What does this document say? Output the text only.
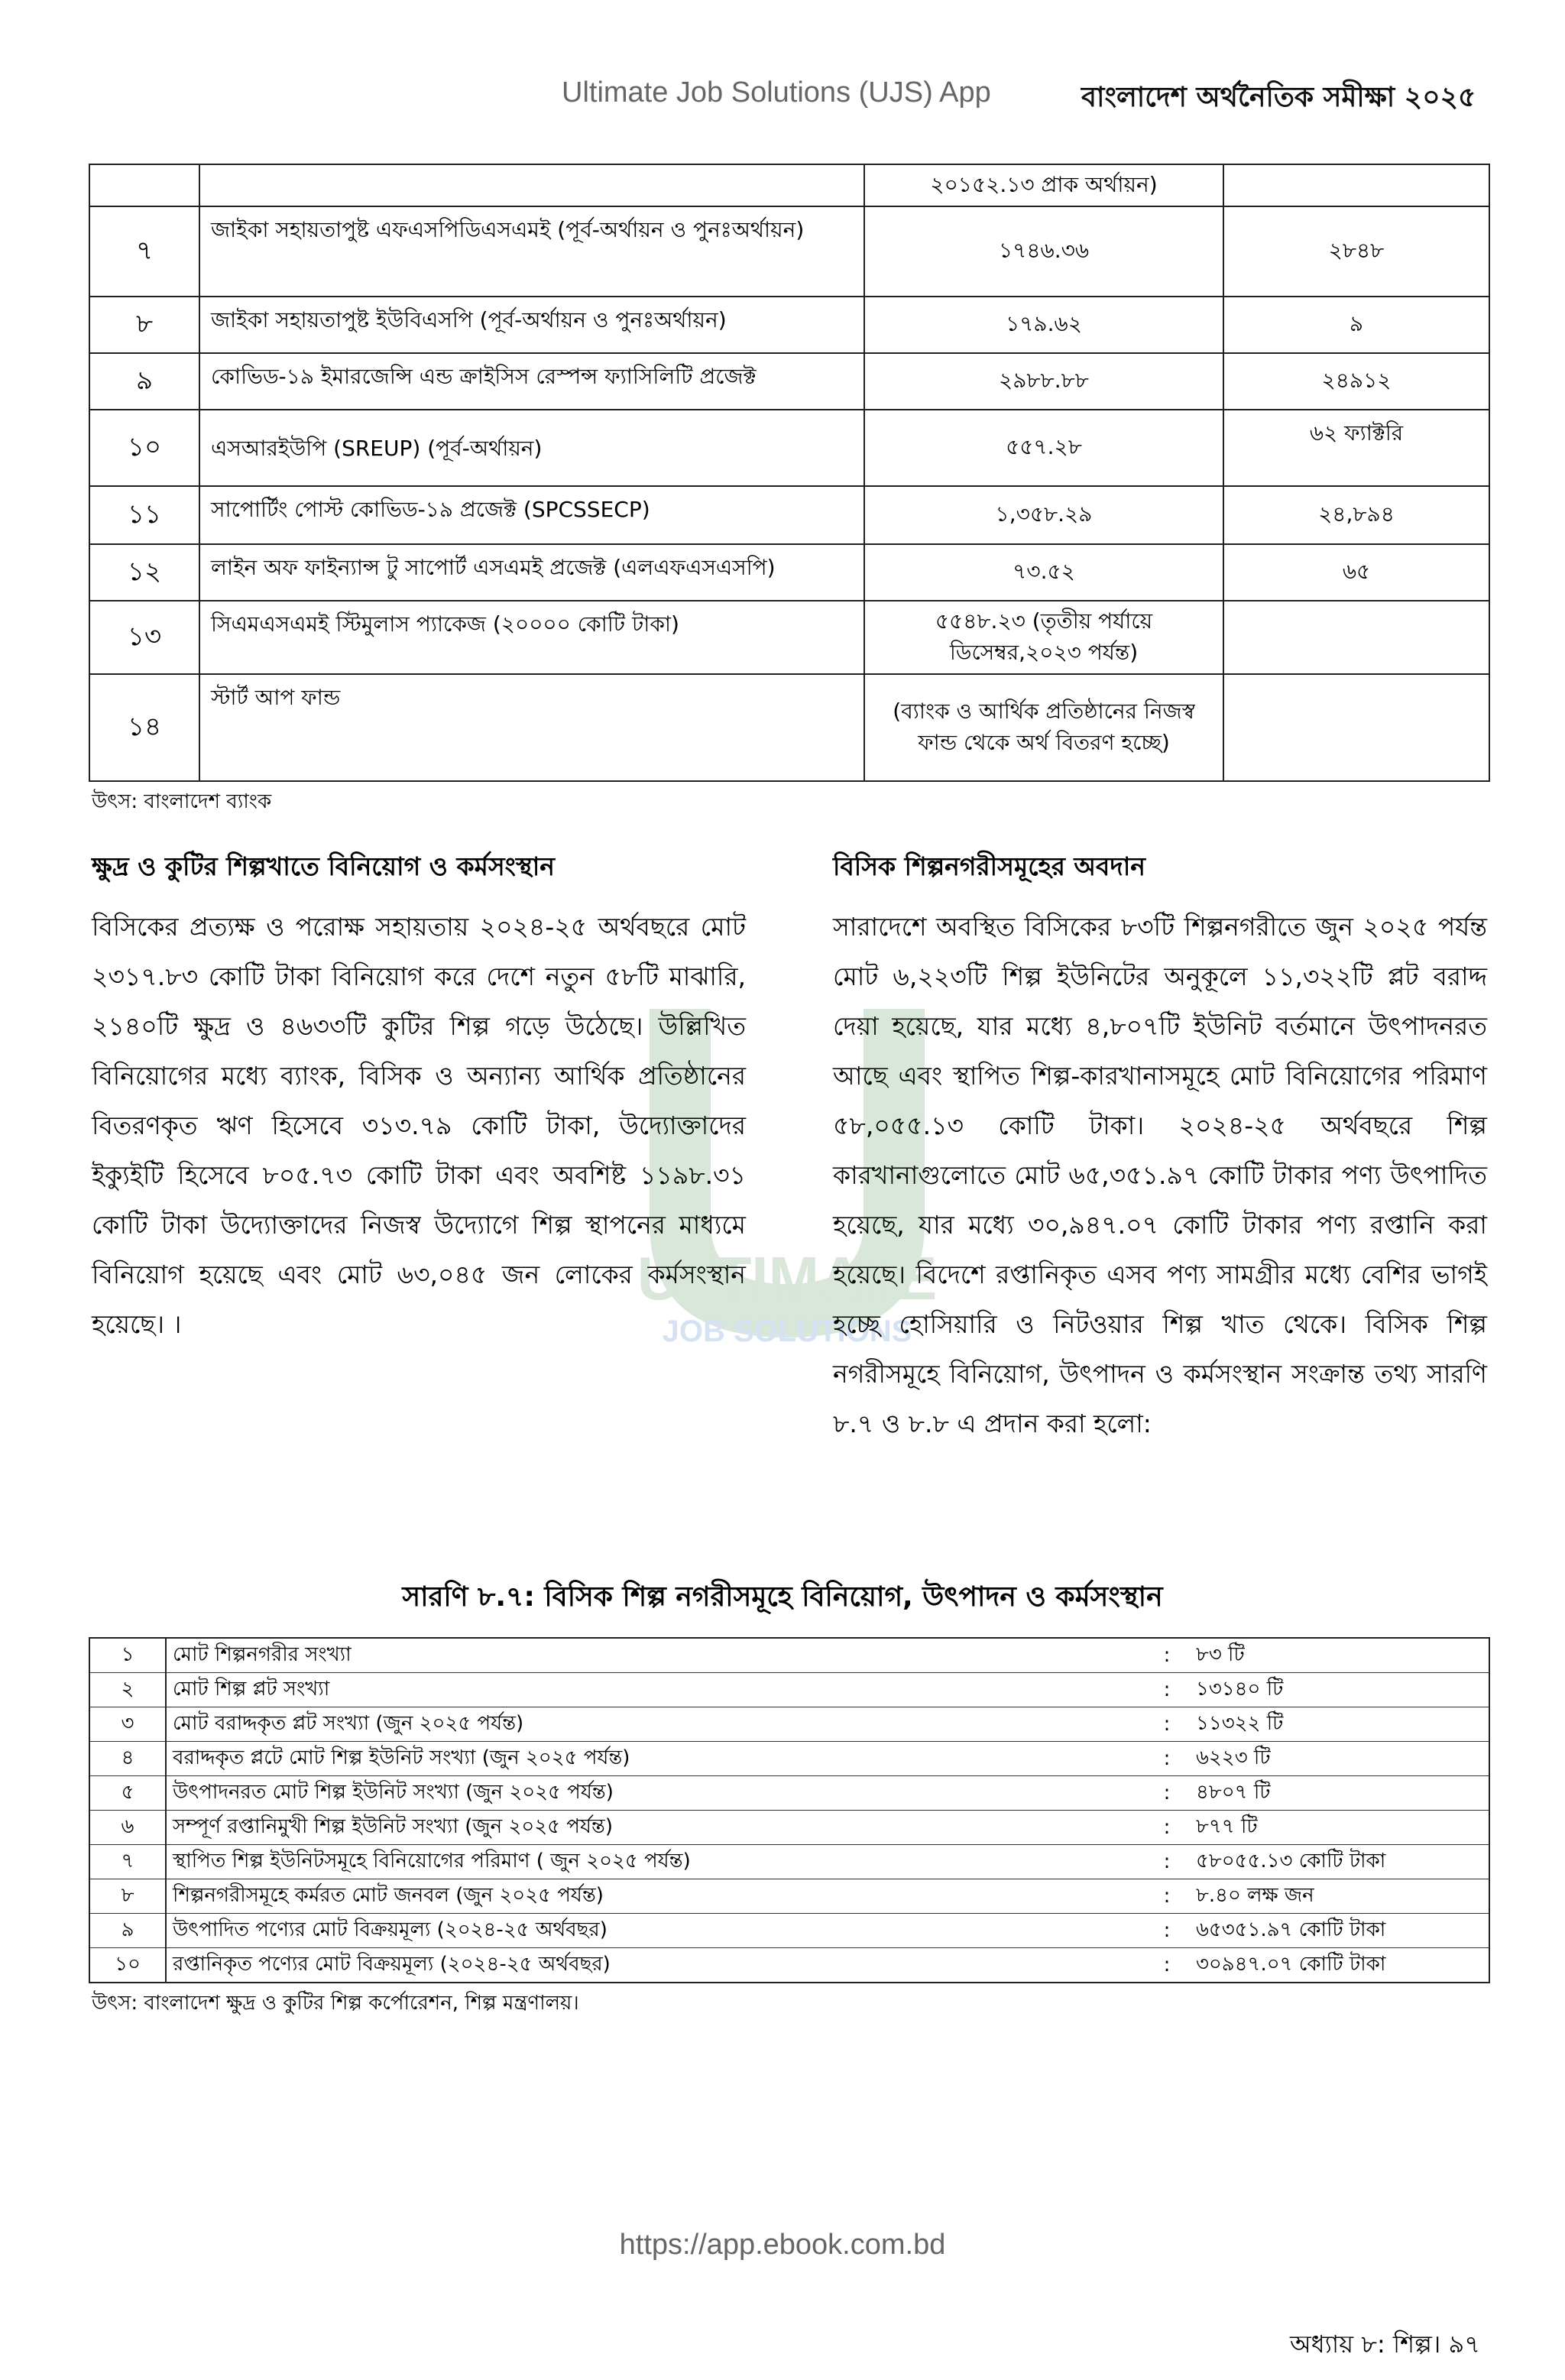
Ultimate Job Solutions (UJS) App	বাংলাদেশ অর্থনৈতিক সমীক্ষা ২০২৫
ULTIMATE
JOB SOLUTIONS
		২০১৫২.১৩ প্রাক অর্থায়ন)	
৭	জাইকা সহায়তাপুষ্ট এফএসপিডিএসএমই (পূর্ব-অর্থায়ন ও পুনঃঅর্থায়ন)	১৭৪৬.৩৬	২৮৪৮
৮	জাইকা সহায়তাপুষ্ট ইউবিএসপি (পূর্ব-অর্থায়ন ও পুনঃঅর্থায়ন)	১৭৯.৬২	৯
৯	কোভিড-১৯ ইমারজেন্সি এন্ড ক্রাইসিস রেস্পন্স ফ্যাসিলিটি প্রজেক্ট	২৯৮৮.৮৮	২৪৯১২
১০	এসআরইউপি (SREUP) (পূর্ব-অর্থায়ন)	৫৫৭.২৮	৬২ ফ্যাক্টরি
১১	সাপোর্টিং পোস্ট কোভিড-১৯ প্রজেক্ট (SPCSSECP)	১,৩৫৮.২৯	২৪,৮৯৪
১২	লাইন অফ ফাইন্যান্স টু সাপোর্ট এসএমই প্রজেক্ট (এলএফএসএসপি)	৭৩.৫২	৬৫
১৩	সিএমএসএমই স্টিমুলাস প্যাকেজ (২০০০০ কোটি টাকা)	৫৫৪৮.২৩ (তৃতীয় পর্যায়ে ডিসেম্বর,২০২৩ পর্যন্ত)	
১৪	স্টার্ট আপ ফান্ড	(ব্যাংক ও আর্থিক প্রতিষ্ঠানের নিজস্ব ফান্ড থেকে অর্থ বিতরণ হচ্ছে)	
উৎস: বাংলাদেশ ব্যাংক
ক্ষুদ্র ও কুটির শিল্পখাতে বিনিয়োগ ও কর্মসংস্থান
বিসিকের প্রত্যক্ষ ও পরোক্ষ সহায়তায় ২০২৪-২৫ অর্থবছরে মোট ২৩১৭.৮৩ কোটি টাকা বিনিয়োগ করে দেশে নতুন ৫৮টি মাঝারি, ২১৪০টি ক্ষুদ্র ও ৪৬৩৩টি কুটির শিল্প গড়ে উঠেছে। উল্লিখিত বিনিয়োগের মধ্যে ব্যাংক, বিসিক ও অন্যান্য আর্থিক প্রতিষ্ঠানের বিতরণকৃত ঋণ হিসেবে ৩১৩.৭৯ কোটি টাকা, উদ্যোক্তাদের ইক্যুইটি হিসেবে ৮০৫.৭৩ কোটি টাকা এবং অবশিষ্ট ১১৯৮.৩১ কোটি টাকা উদ্যোক্তাদের নিজস্ব উদ্যোগে শিল্প স্থাপনের মাধ্যমে বিনিয়োগ হয়েছে এবং মোট ৬৩,০৪৫ জন লোকের কর্মসংস্থান হয়েছে। ।
বিসিক শিল্পনগরীসমূহের অবদান
সারাদেশে অবস্থিত বিসিকের ৮৩টি শিল্পনগরীতে জুন ২০২৫ পর্যন্ত মোট ৬,২২৩টি শিল্প ইউনিটের অনুকূলে ১১,৩২২টি প্লট বরাদ্দ দেয়া হয়েছে, যার মধ্যে ৪,৮০৭টি ইউনিট বর্তমানে উৎপাদনরত আছে এবং স্থাপিত শিল্প-কারখানাসমূহে মোট বিনিয়োগের পরিমাণ ৫৮,০৫৫.১৩ কোটি টাকা। ২০২৪-২৫ অর্থবছরে শিল্প কারখানাগুলোতে মোট ৬৫,৩৫১.৯৭ কোটি টাকার পণ্য উৎপাদিত হয়েছে, যার মধ্যে ৩০,৯৪৭.০৭ কোটি টাকার পণ্য রপ্তানি করা হয়েছে। বিদেশে রপ্তানিকৃত এসব পণ্য সামগ্রীর মধ্যে বেশির ভাগই হচ্ছে হোসিয়ারি ও নিটওয়ার শিল্প খাত থেকে। বিসিক শিল্প নগরীসমূহে বিনিয়োগ, উৎপাদন ও কর্মসংস্থান সংক্রান্ত তথ্য সারণি ৮.৭ ও ৮.৮ এ প্রদান করা হলো:
সারণি ৮.৭: বিসিক শিল্প নগরীসমূহে বিনিয়োগ, উৎপাদন ও কর্মসংস্থান
১	মোট শিল্পনগরীর সংখ্যা	:	৮৩ টি
২	মোট শিল্প প্লট সংখ্যা	:	১৩১৪০ টি
৩	মোট বরাদ্দকৃত প্লট সংখ্যা (জুন ২০২৫ পর্যন্ত)	:	১১৩২২ টি
৪	বরাদ্দকৃত প্লটে মোট শিল্প ইউনিট সংখ্যা (জুন ২০২৫ পর্যন্ত)	:	৬২২৩ টি
৫	উৎপাদনরত মোট শিল্প ইউনিট সংখ্যা (জুন ২০২৫ পর্যন্ত)	:	৪৮০৭ টি
৬	সম্পূর্ণ রপ্তানিমুখী শিল্প ইউনিট সংখ্যা (জুন ২০২৫ পর্যন্ত)	:	৮৭৭ টি
৭	স্থাপিত শিল্প ইউনিটসমূহে বিনিয়োগের পরিমাণ ( জুন ২০২৫ পর্যন্ত)	:	৫৮০৫৫.১৩ কোটি টাকা
৮	শিল্পনগরীসমূহে কর্মরত মোট জনবল (জুন ২০২৫ পর্যন্ত)	:	৮.৪০ লক্ষ জন
৯	উৎপাদিত পণ্যের মোট বিক্রয়মূল্য (২০২৪-২৫ অর্থবছর)	:	৬৫৩৫১.৯৭ কোটি টাকা
১০	রপ্তানিকৃত পণ্যের মোট বিক্রয়মূল্য (২০২৪-২৫ অর্থবছর)	:	৩০৯৪৭.০৭ কোটি টাকা
উৎস: বাংলাদেশ ক্ষুদ্র ও কুটির শিল্প কর্পোরেশন, শিল্প মন্ত্রণালয়।
https://app.ebook.com.bd
অধ্যায় ৮: শিল্প। ৯৭
